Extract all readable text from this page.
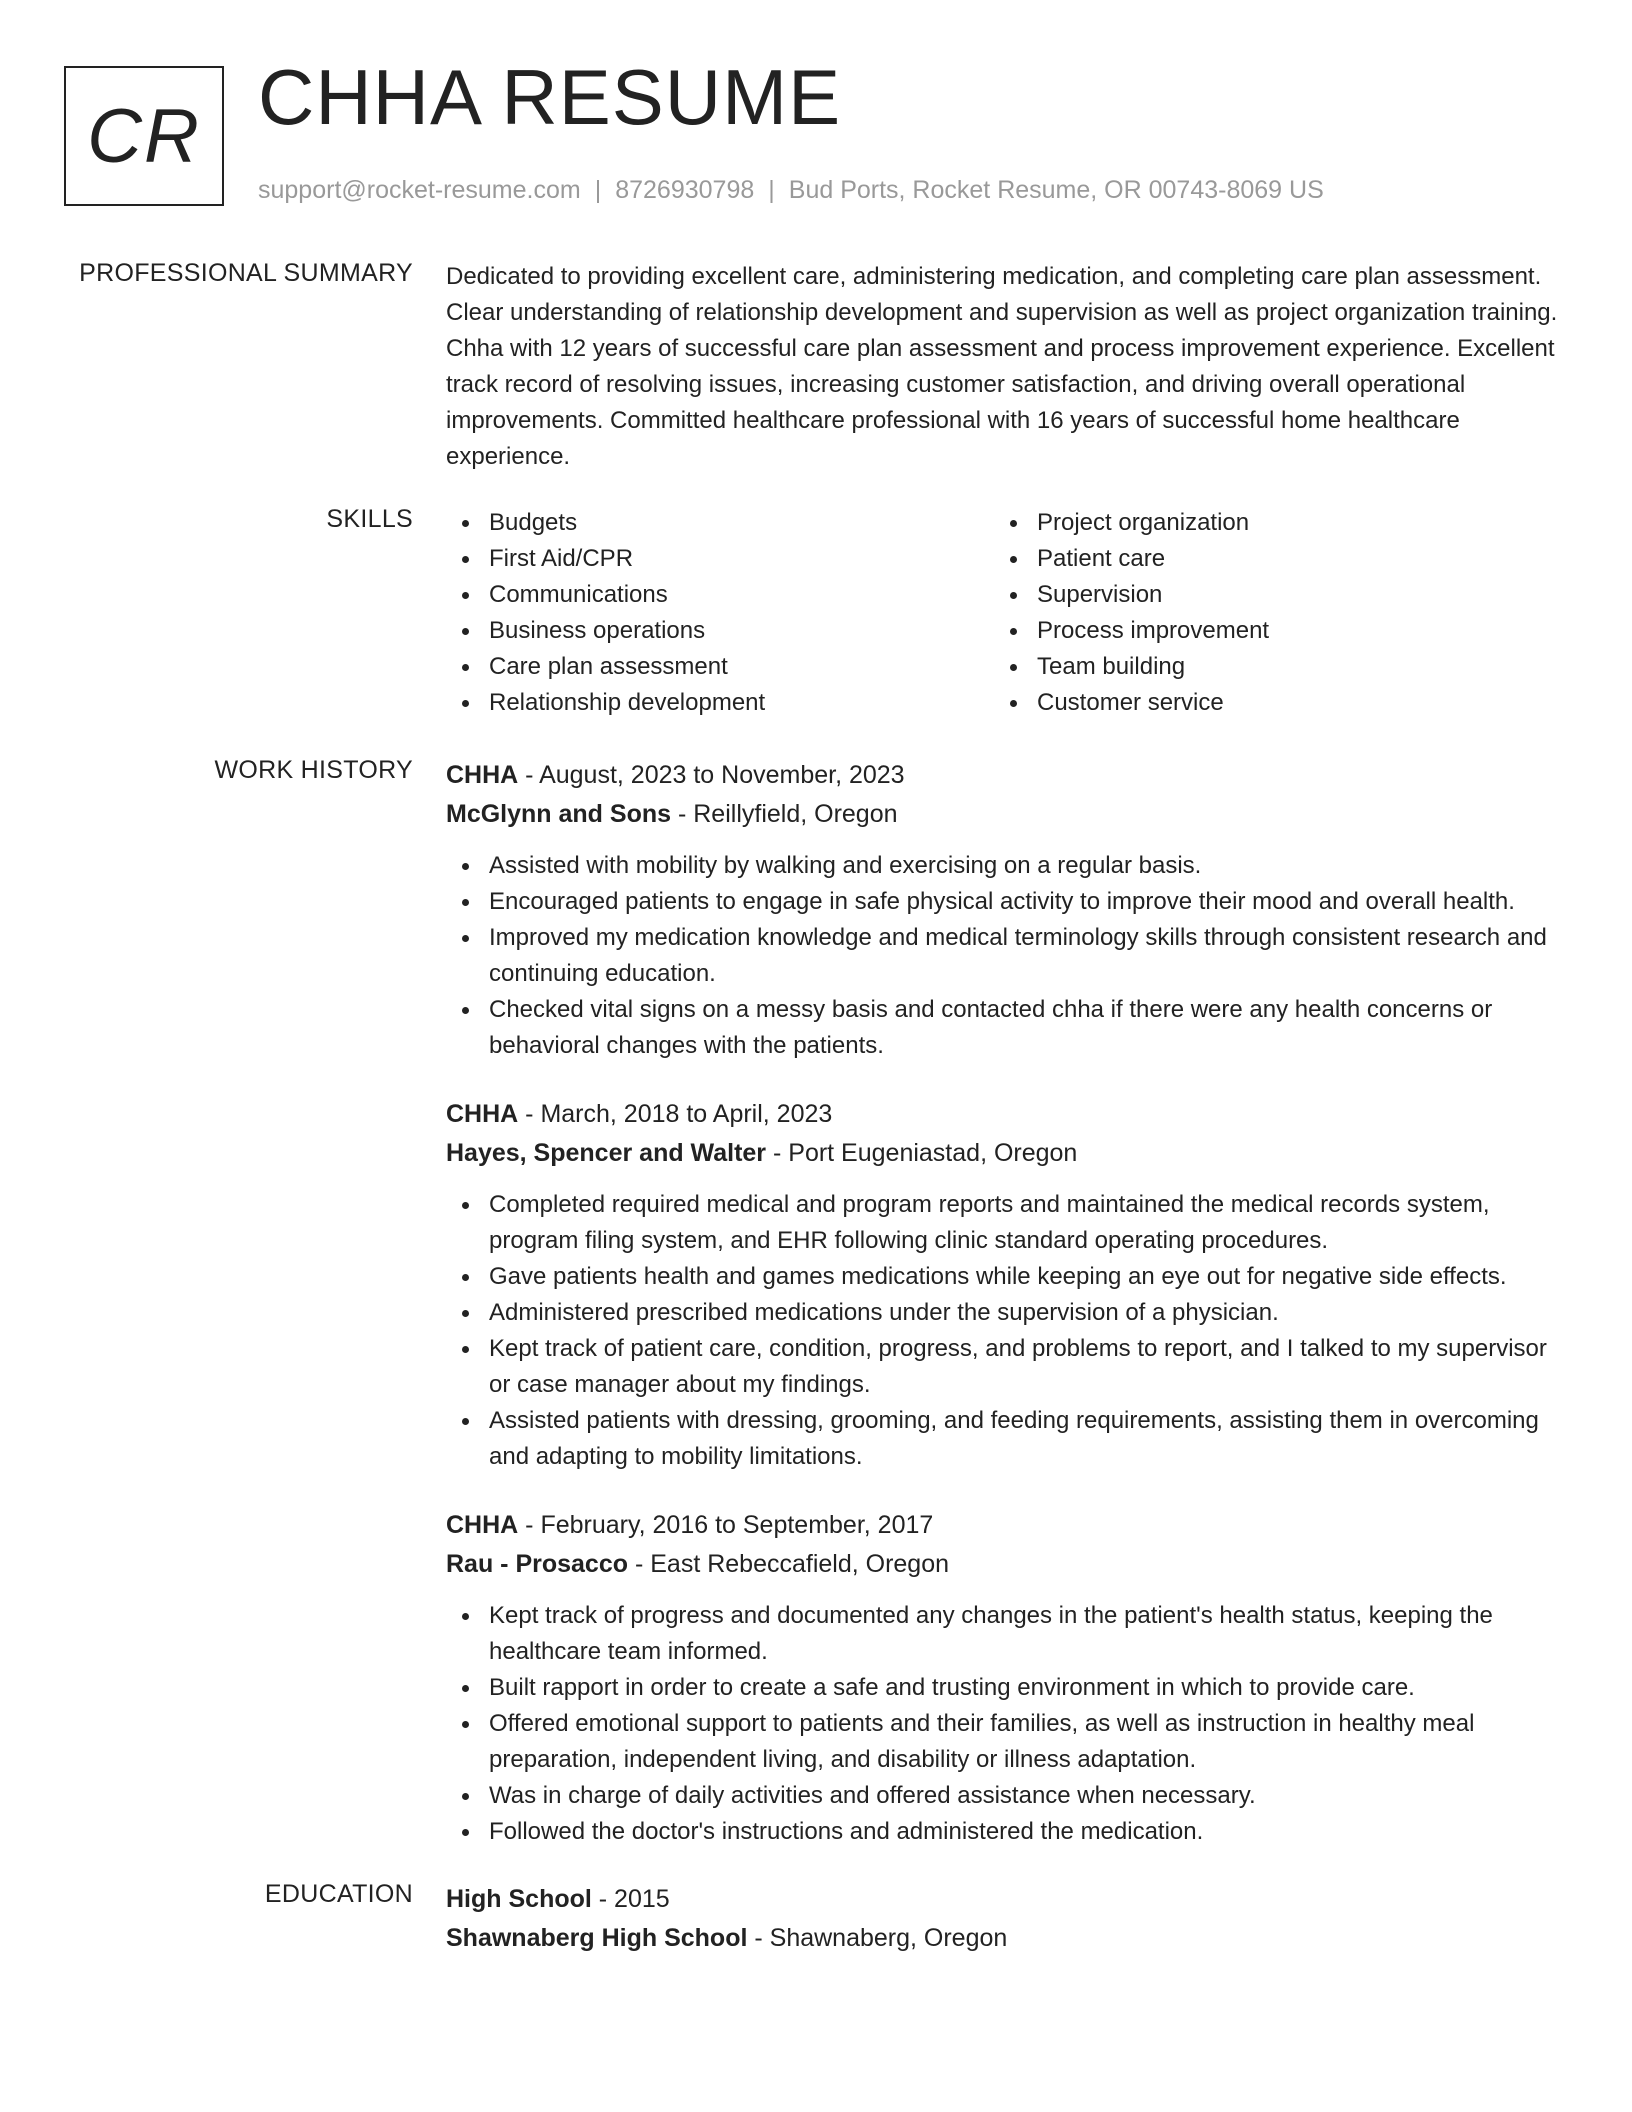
CR CHHA RESUME
support@rocket-resume.com | 8726930798 | Bud Ports, Rocket Resume, OR 00743-8069 US
PROFESSIONAL SUMMARY Dedicated to providing excellent care, administering medication, and completing care plan assessment. Clear understanding of relationship development and supervision as well as project organization training. Chha with 12 years of successful care plan assessment and process improvement experience. Excellent track record of resolving issues, increasing customer satisfaction, and driving overall operational improvements. Committed healthcare professional with 16 years of successful home healthcare experience.

SKILLS	Budgets
First Aid/CPR
Communications
Business operations
Care plan assessment
Relationship development
Project organization
Patient care
Supervision
Process improvement
Team building
Customer service
WORK HISTORY CHHA - August, 2023 to November, 2023
McGlynn and Sons - Reillyfield, Oregon
Assisted with mobility by walking and exercising on a regular basis.
Encouraged patients to engage in safe physical activity to improve their mood and overall health.
Improved my medication knowledge and medical terminology skills through consistent research and continuing education.
Checked vital signs on a messy basis and contacted chha if there were any health concerns or behavioral changes with the patients.
CHHA - March, 2018 to April, 2023
Hayes, Spencer and Walter - Port Eugeniastad, Oregon
Completed required medical and program reports and maintained the medical records system, program filing system, and EHR following clinic standard operating procedures.
Gave patients health and games medications while keeping an eye out for negative side effects.
Administered prescribed medications under the supervision of a physician.
Kept track of patient care, condition, progress, and problems to report, and I talked to my supervisor or case manager about my findings.
Assisted patients with dressing, grooming, and feeding requirements, assisting them in overcoming and adapting to mobility limitations.
CHHA - February, 2016 to September, 2017
Rau - Prosacco - East Rebeccafield, Oregon
Kept track of progress and documented any changes in the patient's health status, keeping the healthcare team informed.
Built rapport in order to create a safe and trusting environment in which to provide care.
Offered emotional support to patients and their families, as well as instruction in healthy meal preparation, independent living, and disability or illness adaptation.
Was in charge of daily activities and offered assistance when necessary.
Followed the doctor's instructions and administered the medication.
EDUCATION High School - 2015
Shawnaberg High School - Shawnaberg, Oregon
